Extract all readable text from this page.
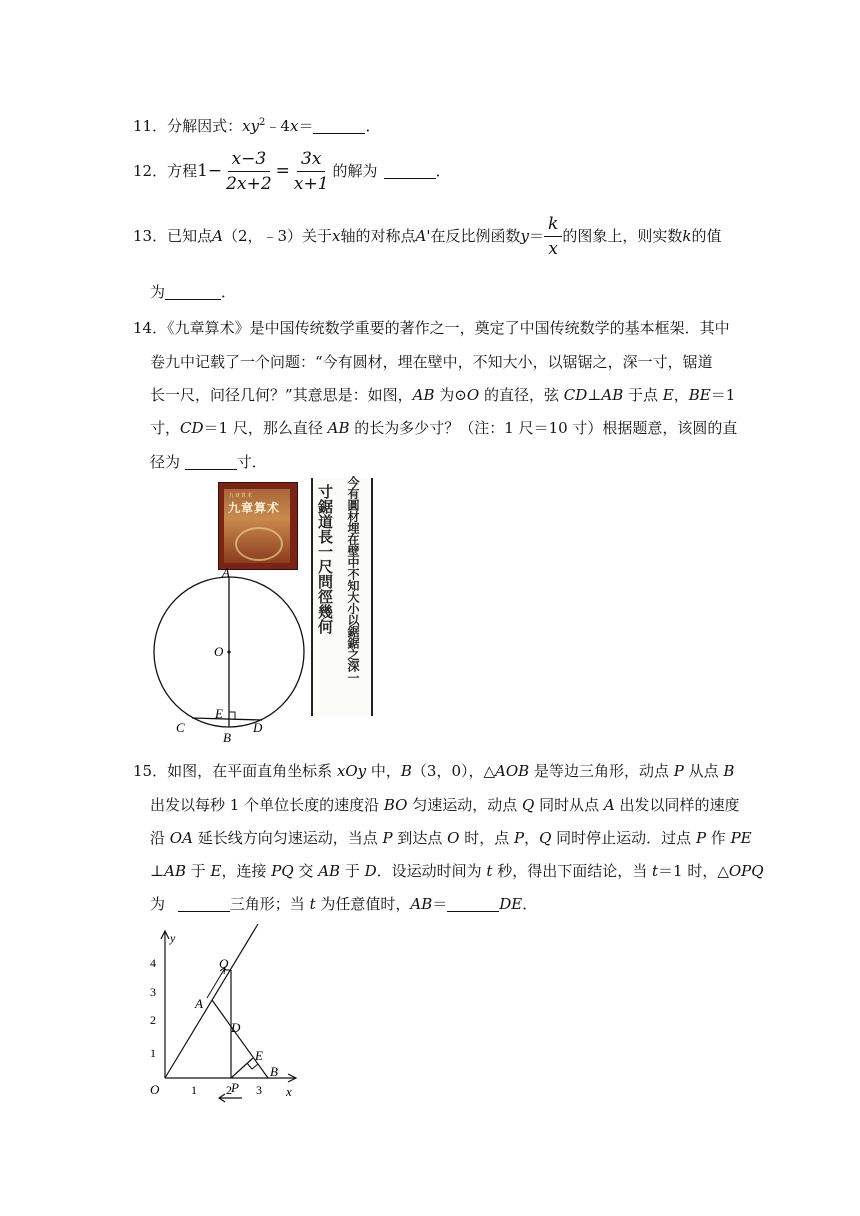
11．分解因式：$xy^2﹣4x=$	．
12． 方程 $1- \frac{x-3}{2x+2} = \frac{3x}{x+1}$ 的解为	．
13． 已知点 A （2，﹣3）关于 x 轴的对称点 A' 在反比例函数 $y = \frac{k}{x}$ 的图象上，则实数 k 的值
为	．
14．《九章算术》是中国传统数学重要的著作之一，奠定了中国传统数学的基本框架．其中
卷九中记载了一个问题：“今有圆材，埋在壁中，不知大小，以锯锯之，深一寸，锯道
长一尺，问径几何？”其意思是：如图，AB 为⊙O 的直径，弦 CD⊥AB 于点 E，BE＝1
寸，CD＝1 尺，那么直径 AB 的长为多少寸？（注：1 尺＝10 寸）根据题意，该圆的直
径为	寸．
九章算术
九章算术 寸鋸道長一尺問徑幾何 今有圓材埋在壁中不知大小以鋸鋸之深一
A
O
E
C	D
B
15．如图，在平面直角坐标系 xOy 中，B（3，0），△AOB 是等边三角形，动点 P 从点 B
出发以每秒 1 个单位长度的速度沿 BO 匀速运动，动点 Q 同时从点 A 出发以同样的速度
沿 OA 延长线方向匀速运动，当点 P 到达点 O 时，点 P，Q 同时停止运动．过点 P 作 PE
⊥AB 于 E，连接 PQ 交 AB 于 D．设运动时间为 t 秒，得出下面结论，当 t＝1 时，△OPQ
为	三角形；当 t 为任意值时，AB＝	DE．
y
x
4
3
2
1
1 2 3
O
A
Q
D
E
B
P
